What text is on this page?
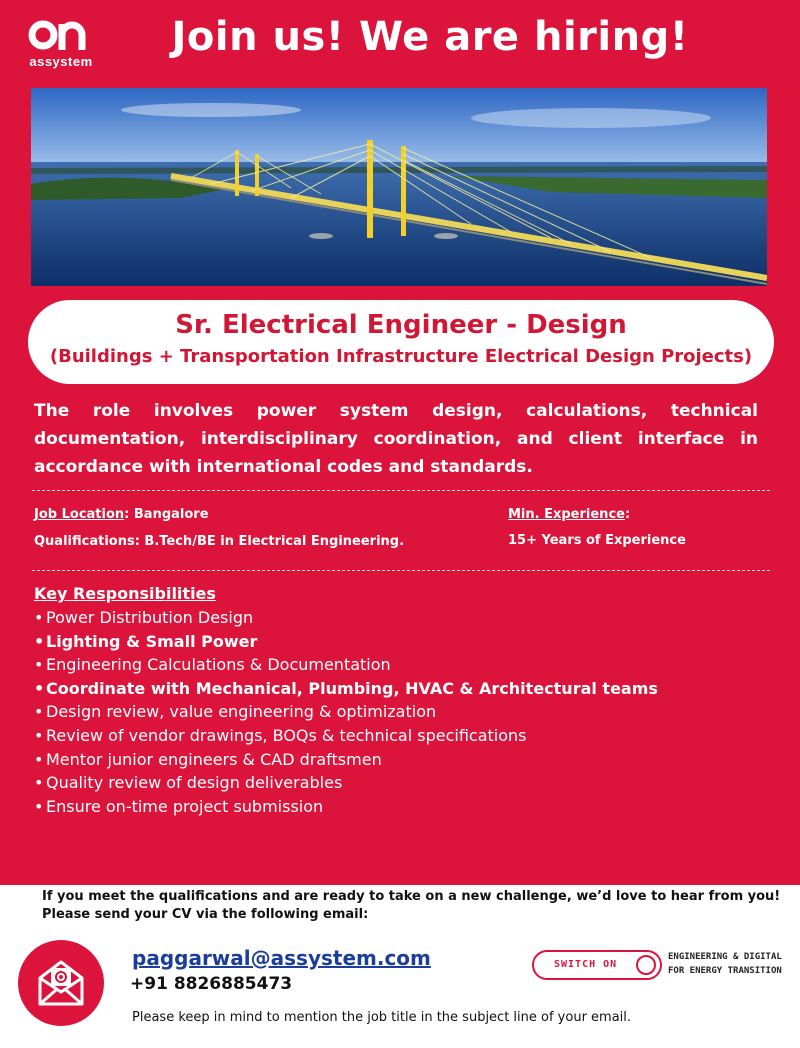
assystem
Join us! We are hiring!
Sr. Electrical Engineer - Design
(Buildings + Transportation Infrastructure Electrical Design Projects)

The role involves power system design, calculations, technical documentation, interdisciplinary coordination, and client interface in accordance with international codes and standards.

Job Location: Bangalore
Qualifications: B.Tech/BE in Electrical Engineering.
Min. Experience:
15+ Years of Experience
Key Responsibilities
• Power Distribution Design
• Lighting & Small Power
• Engineering Calculations & Documentation
• Coordinate with Mechanical, Plumbing, HVAC & Architectural teams
• Design review, value engineering & optimization
• Review of vendor drawings, BOQs & technical specifications
• Mentor junior engineers & CAD draftsmen
• Quality review of design deliverables
• Ensure on-time project submission
If you meet the qualifications and are ready to take on a new challenge, we’d love to hear from you!
Please send your CV via the following email:
paggarwal@assystem.com
+91 8826885473
Please keep in mind to mention the job title in the subject line of your email.
SWITCH ON
ENGINEERING & DIGITAL
FOR ENERGY TRANSITION
